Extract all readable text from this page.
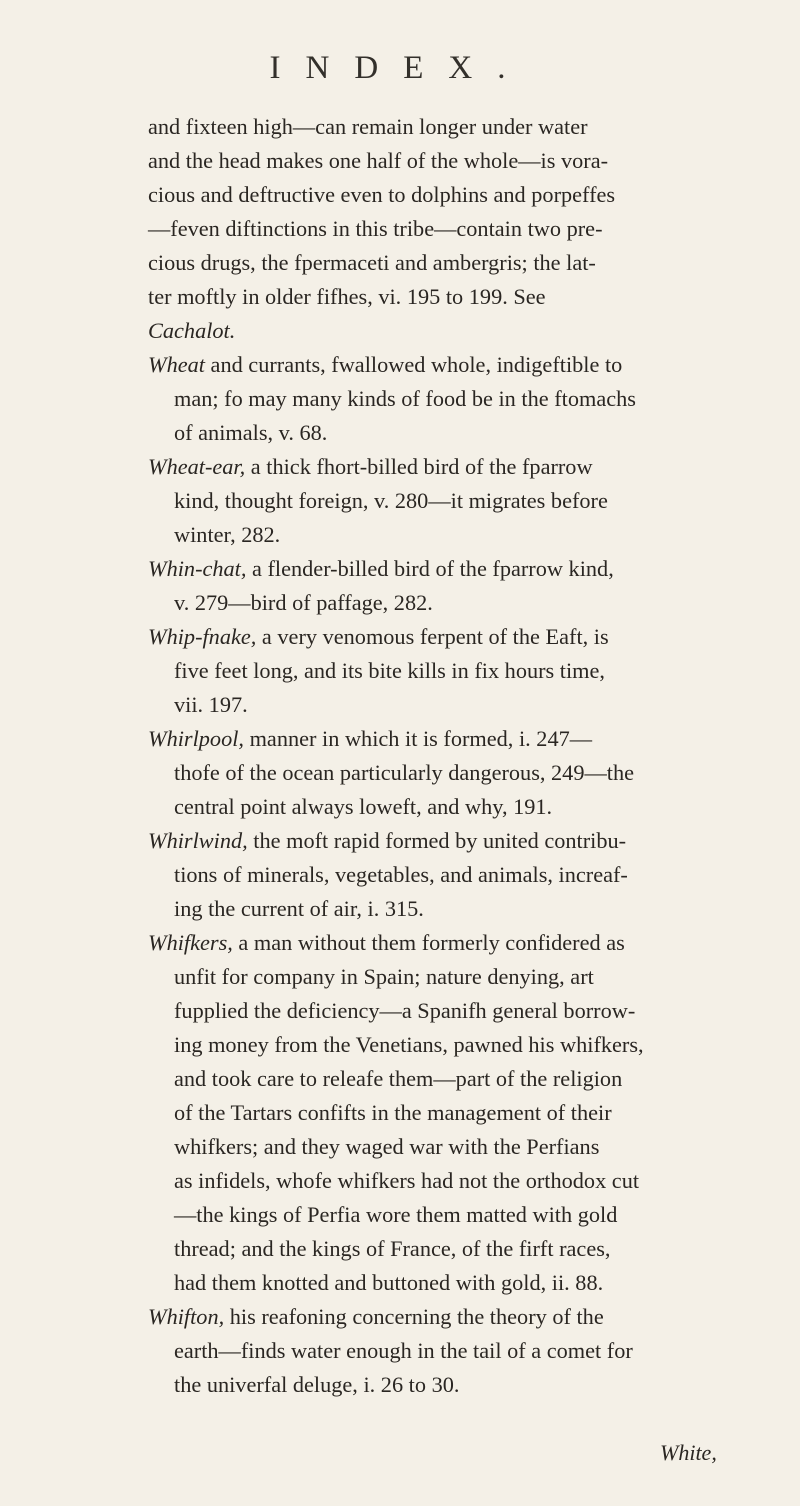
INDEX.
and fixteen high—can remain longer under water
and the head makes one half of the whole—is vora-
cious and deftructive even to dolphins and porpeffes
—feven diftinctions in this tribe—contain two pre-
cious drugs, the fpermaceti and ambergris; the lat-
ter moftly in older fifhes, vi. 195 to 199. See
Cachalot.
Wheat and currants, fwallowed whole, indigeftible to
man; fo may many kinds of food be in the ftomachs
of animals, v. 68.
Wheat-ear, a thick fhort-billed bird of the fparrow
kind, thought foreign, v. 280—it migrates before
winter, 282.
Whin-chat, a flender-billed bird of the fparrow kind,
v. 279—bird of paffage, 282.
Whip-fnake, a very venomous ferpent of the Eaft, is
five feet long, and its bite kills in fix hours time,
vii. 197.
Whirlpool, manner in which it is formed, i. 247—
thofe of the ocean particularly dangerous, 249—the
central point always loweft, and why, 191.
Whirlwind, the moft rapid formed by united contribu-
tions of minerals, vegetables, and animals, increaf-
ing the current of air, i. 315.
Whifkers, a man without them formerly confidered as
unfit for company in Spain; nature denying, art
fupplied the deficiency—a Spanifh general borrow-
ing money from the Venetians, pawned his whifkers,
and took care to releafe them—part of the religion
of the Tartars confifts in the management of their
whifkers; and they waged war with the Perfians
as infidels, whofe whifkers had not the orthodox cut
—the kings of Perfia wore them matted with gold
thread; and the kings of France, of the firft races,
had them knotted and buttoned with gold, ii. 88.
Whifton, his reafoning concerning the theory of the
earth—finds water enough in the tail of a comet for
the univerfal deluge, i. 26 to 30.
White,
